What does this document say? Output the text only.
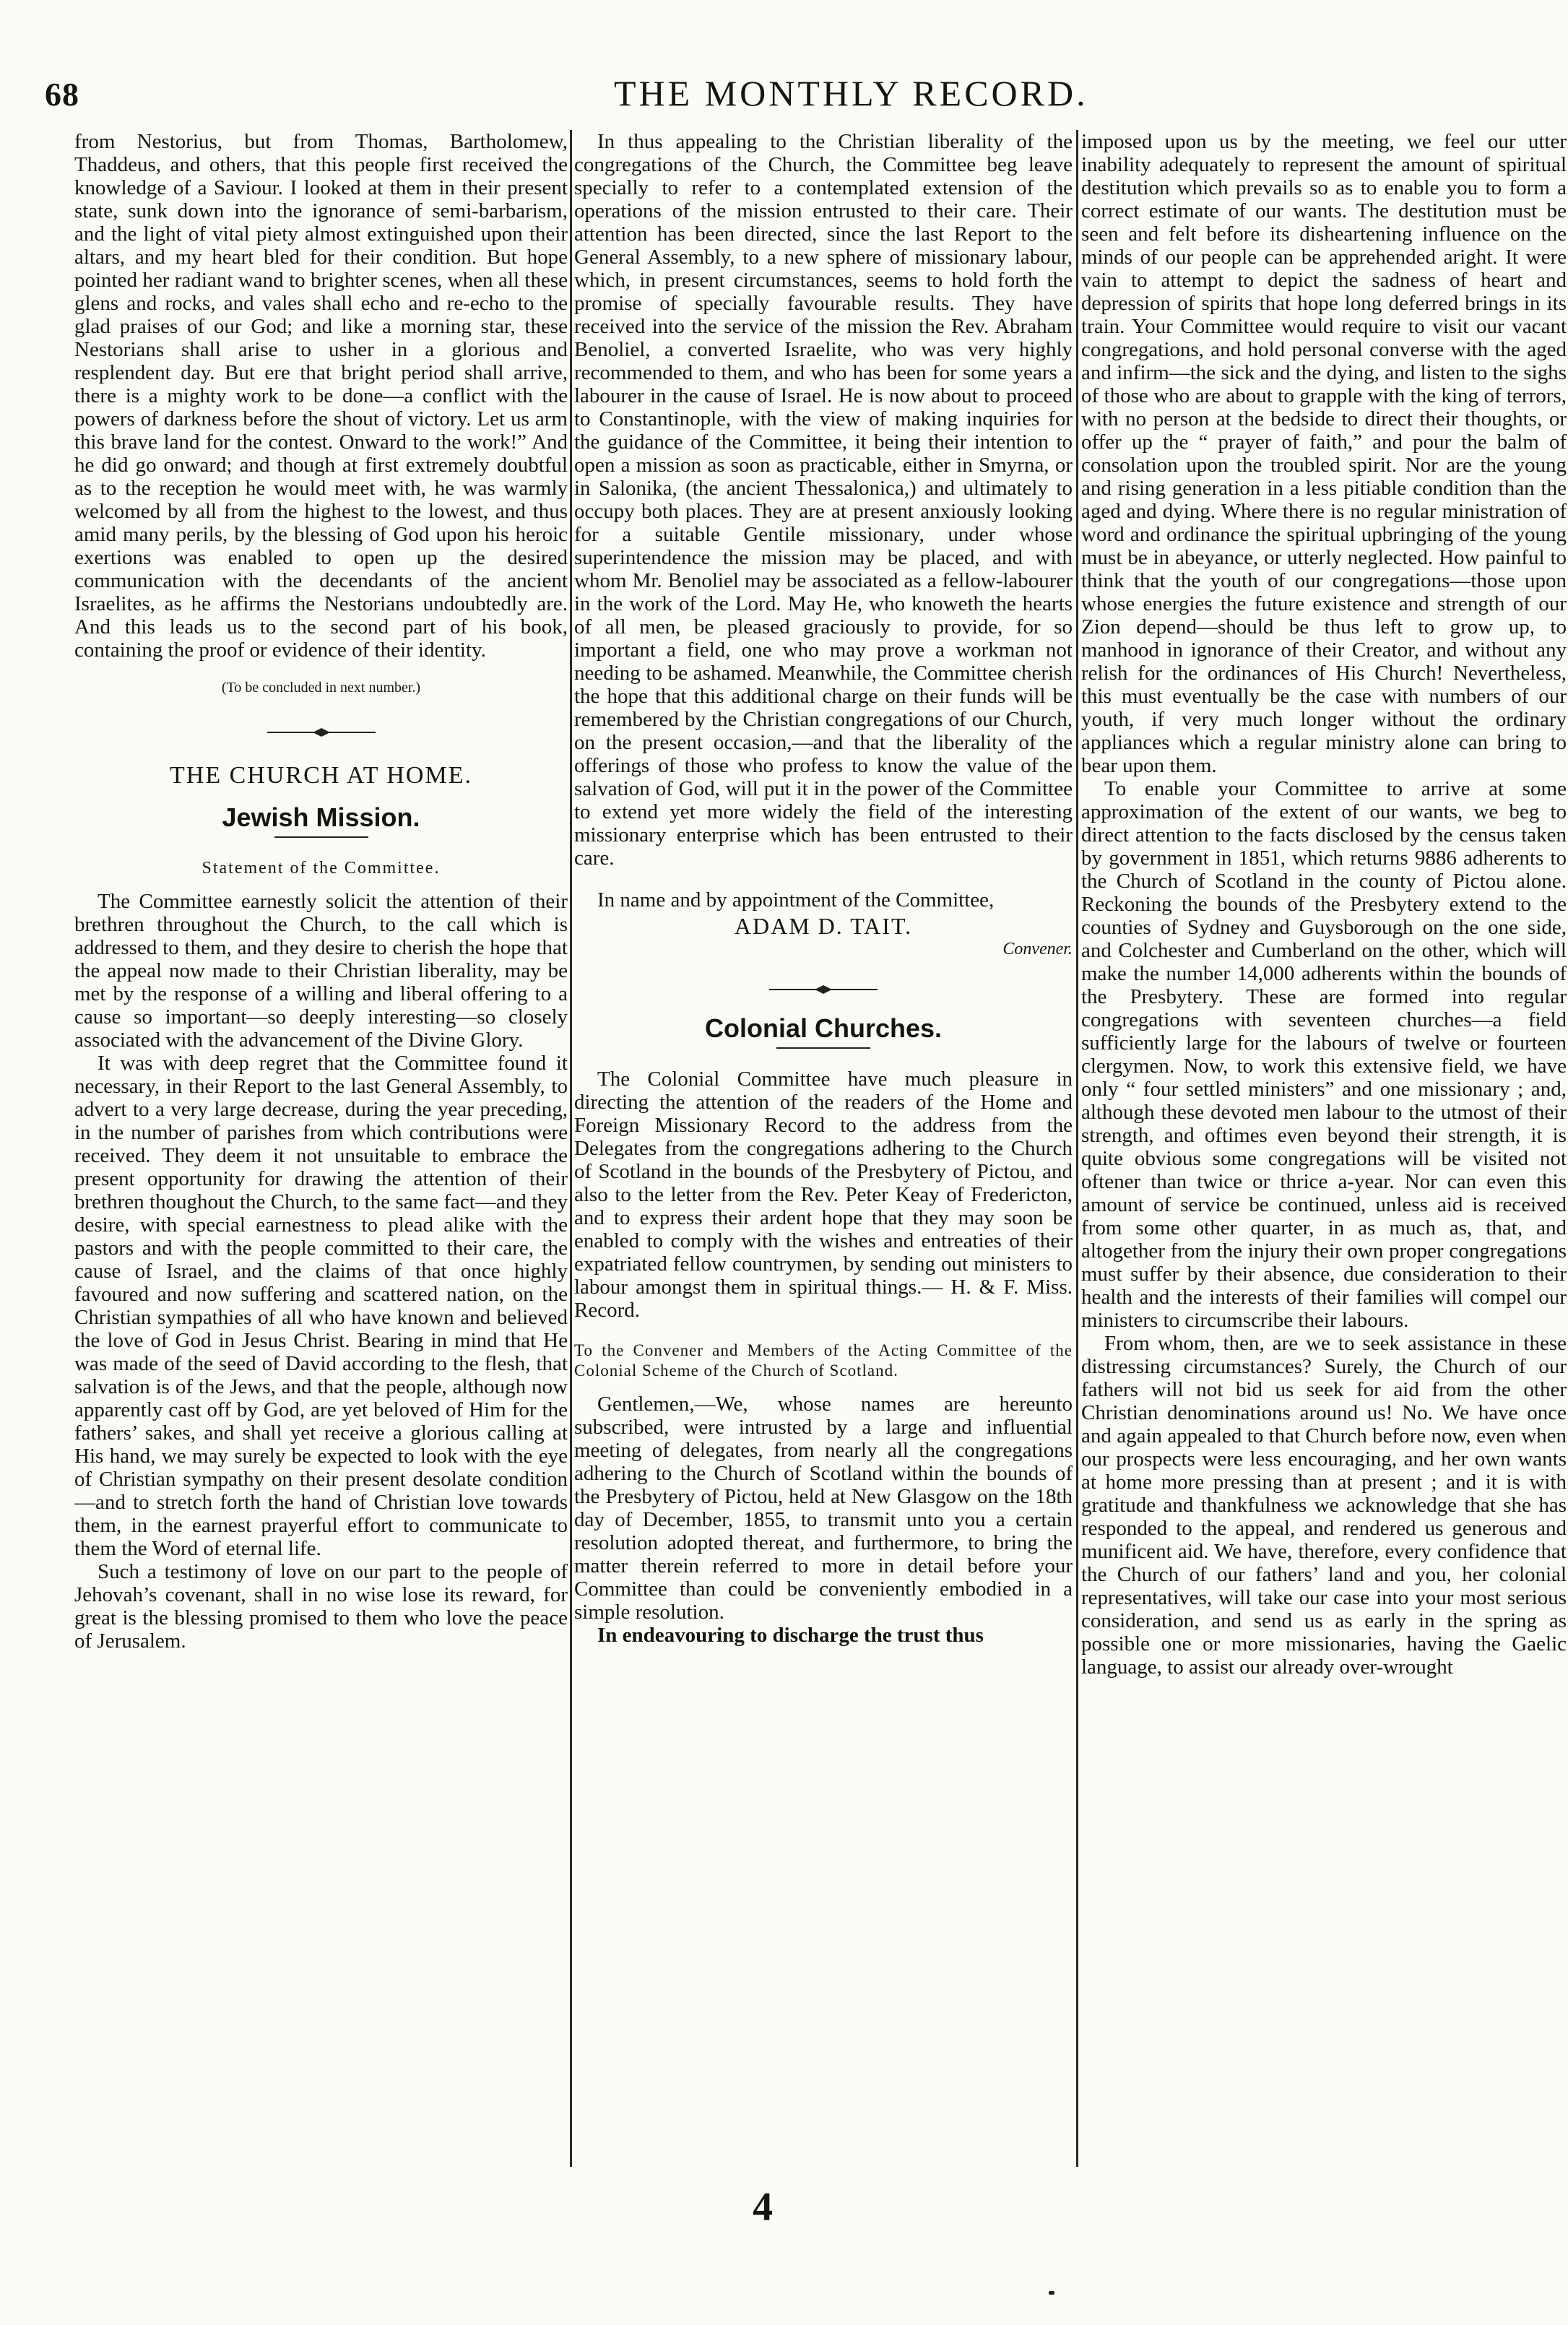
68	THE MONTHLY RECORD.

from Nestorius, but from Thomas, Bartholomew, Thaddeus, and others, that this people first received the knowledge of a Saviour. I looked at them in their present state, sunk down into the ignorance of semi-barbarism, and the light of vital piety almost extinguished upon their altars, and my heart bled for their condition. But hope pointed her radiant wand to brighter scenes, when all these glens and rocks, and vales shall echo and re-echo to the glad praises of our God; and like a morning star, these Nestorians shall arise to usher in a glorious and resplendent day. But ere that bright period shall arrive, there is a mighty work to be done—a conflict with the powers of darkness before the shout of victory. Let us arm this brave land for the contest. Onward to the work!” And he did go onward; and though at first extremely doubtful as to the reception he would meet with, he was warmly welcomed by all from the highest to the lowest, and thus amid many perils, by the blessing of God upon his heroic exertions was enabled to open up the desired communication with the decendants of the ancient Israelites, as he affirms the Nestorians undoubtedly are. And this leads us to the second part of his book, containing the proof or evidence of their identity.

(To be concluded in next number.)

THE CHURCH AT HOME.

Jewish Mission.

Statement of the Committee.

The Committee earnestly solicit the attention of their brethren throughout the Church, to the call which is addressed to them, and they desire to cherish the hope that the appeal now made to their Christian liberality, may be met by the response of a willing and liberal offering to a cause so important—so deeply interesting—so closely associated with the advancement of the Divine Glory.

It was with deep regret that the Committee found it necessary, in their Report to the last General Assembly, to advert to a very large decrease, during the year preceding, in the number of parishes from which contributions were received. They deem it not unsuitable to embrace the present opportunity for drawing the attention of their brethren thoughout the Church, to the same fact—and they desire, with special earnestness to plead alike with the pastors and with the people committed to their care, the cause of Israel, and the claims of that once highly favoured and now suffering and scattered nation, on the Christian sympathies of all who have known and believed the love of God in Jesus Christ. Bearing in mind that He was made of the seed of David according to the flesh, that salvation is of the Jews, and that the people, although now apparently cast off by God, are yet beloved of Him for the fathers’ sakes, and shall yet receive a glorious calling at His hand, we may surely be expected to look with the eye of Christian sympathy on their present desolate condition—and to stretch forth the hand of Christian love towards them, in the earnest prayerful effort to communicate to them the Word of eternal life.

Such a testimony of love on our part to the people of Jehovah’s covenant, shall in no wise lose its reward, for great is the blessing promised to them who love the peace of Jerusalem.

In thus appealing to the Christian liberality of the congregations of the Church, the Committee beg leave specially to refer to a contemplated extension of the operations of the mission entrusted to their care. Their attention has been directed, since the last Report to the General Assembly, to a new sphere of missionary labour, which, in present circumstances, seems to hold forth the promise of specially favourable results. They have received into the service of the mission the Rev. Abraham Benoliel, a converted Israelite, who was very highly recommended to them, and who has been for some years a labourer in the cause of Israel. He is now about to proceed to Constantinople, with the view of making inquiries for the guidance of the Committee, it being their intention to open a mission as soon as practicable, either in Smyrna, or in Salonika, (the ancient Thessalonica,) and ultimately to occupy both places. They are at present anxiously looking for a suitable Gentile missionary, under whose superintendence the mission may be placed, and with whom Mr. Benoliel may be associated as a fellow-labourer in the work of the Lord. May He, who knoweth the hearts of all men, be pleased graciously to provide, for so important a field, one who may prove a workman not needing to be ashamed. Meanwhile, the Committee cherish the hope that this additional charge on their funds will be remembered by the Christian congregations of our Church, on the present occasion,—and that the liberality of the offerings of those who profess to know the value of the salvation of God, will put it in the power of the Committee to extend yet more widely the field of the interesting missionary enterprise which has been entrusted to their care.

In name and by appointment of the Committee,

ADAM D. TAIT.

Convener.

Colonial Churches.

The Colonial Committee have much pleasure in directing the attention of the readers of the Home and Foreign Missionary Record to the address from the Delegates from the congregations adhering to the Church of Scotland in the bounds of the Presbytery of Pictou, and also to the letter from the Rev. Peter Keay of Fredericton, and to express their ardent hope that they may soon be enabled to comply with the wishes and entreaties of their expatriated fellow countrymen, by sending out ministers to labour amongst them in spiritual things.— H. & F. Miss. Record.

To the Convener and Members of the Acting Committee of the Colonial Scheme of the Church of Scotland.

Gentlemen,—We, whose names are hereunto subscribed, were intrusted by a large and influential meeting of delegates, from nearly all the congregations adhering to the Church of Scotland within the bounds of the Presbytery of Pictou, held at New Glasgow on the 18th day of December, 1855, to transmit unto you a certain resolution adopted thereat, and furthermore, to bring the matter therein referred to more in detail before your Committee than could be conveniently embodied in a simple resolution.

In endeavouring to discharge the trust thus

imposed upon us by the meeting, we feel our utter inability adequately to represent the amount of spiritual destitution which prevails so as to enable you to form a correct estimate of our wants. The destitution must be seen and felt before its disheartening influence on the minds of our people can be apprehended aright. It were vain to attempt to depict the sadness of heart and depression of spirits that hope long deferred brings in its train. Your Committee would require to visit our vacant congregations, and hold personal converse with the aged and infirm—the sick and the dying, and listen to the sighs of those who are about to grapple with the king of terrors, with no person at the bedside to direct their thoughts, or offer up the “ prayer of faith,” and pour the balm of consolation upon the troubled spirit. Nor are the young and rising generation in a less pitiable condition than the aged and dying. Where there is no regular ministration of word and ordinance the spiritual upbringing of the young must be in abeyance, or utterly neglected. How painful to think that the youth of our congregations—those upon whose energies the future existence and strength of our Zion depend—should be thus left to grow up, to manhood in ignorance of their Creator, and without any relish for the ordinances of His Church! Nevertheless, this must eventually be the case with numbers of our youth, if very much longer without the ordinary appliances which a regular ministry alone can bring to bear upon them.

To enable your Committee to arrive at some approximation of the extent of our wants, we beg to direct attention to the facts disclosed by the census taken by government in 1851, which returns 9886 adherents to the Church of Scotland in the county of Pictou alone. Reckoning the bounds of the Presbytery extend to the counties of Sydney and Guysborough on the one side, and Colchester and Cumberland on the other, which will make the number 14,000 adherents within the bounds of the Presbytery. These are formed into regular congregations with seventeen churches—a field sufficiently large for the labours of twelve or fourteen clergymen. Now, to work this extensive field, we have only “ four settled ministers” and one missionary ; and, although these devoted men labour to the utmost of their strength, and oftimes even beyond their strength, it is quite obvious some congregations will be visited not oftener than twice or thrice a-year. Nor can even this amount of service be continued, unless aid is received from some other quarter, in as much as, that, and altogether from the injury their own proper congregations must suffer by their absence, due consideration to their health and the interests of their families will compel our ministers to circumscribe their labours.

From whom, then, are we to seek assistance in these distressing circumstances? Surely, the Church of our fathers will not bid us seek for aid from the other Christian denominations around us! No. We have once and again appealed to that Church before now, even when our prospects were less encouraging, and her own wants at home more pressing than at present ; and it is with gratitude and thankfulness we acknowledge that she has responded to the appeal, and rendered us generous and munificent aid. We have, therefore, every confidence that the Church of our fathers’ land and you, her colonial representatives, will take our case into your most serious consideration, and send us as early in the spring as possible one or more missionaries, having the Gaelic language, to assist our already over-wrought

4
